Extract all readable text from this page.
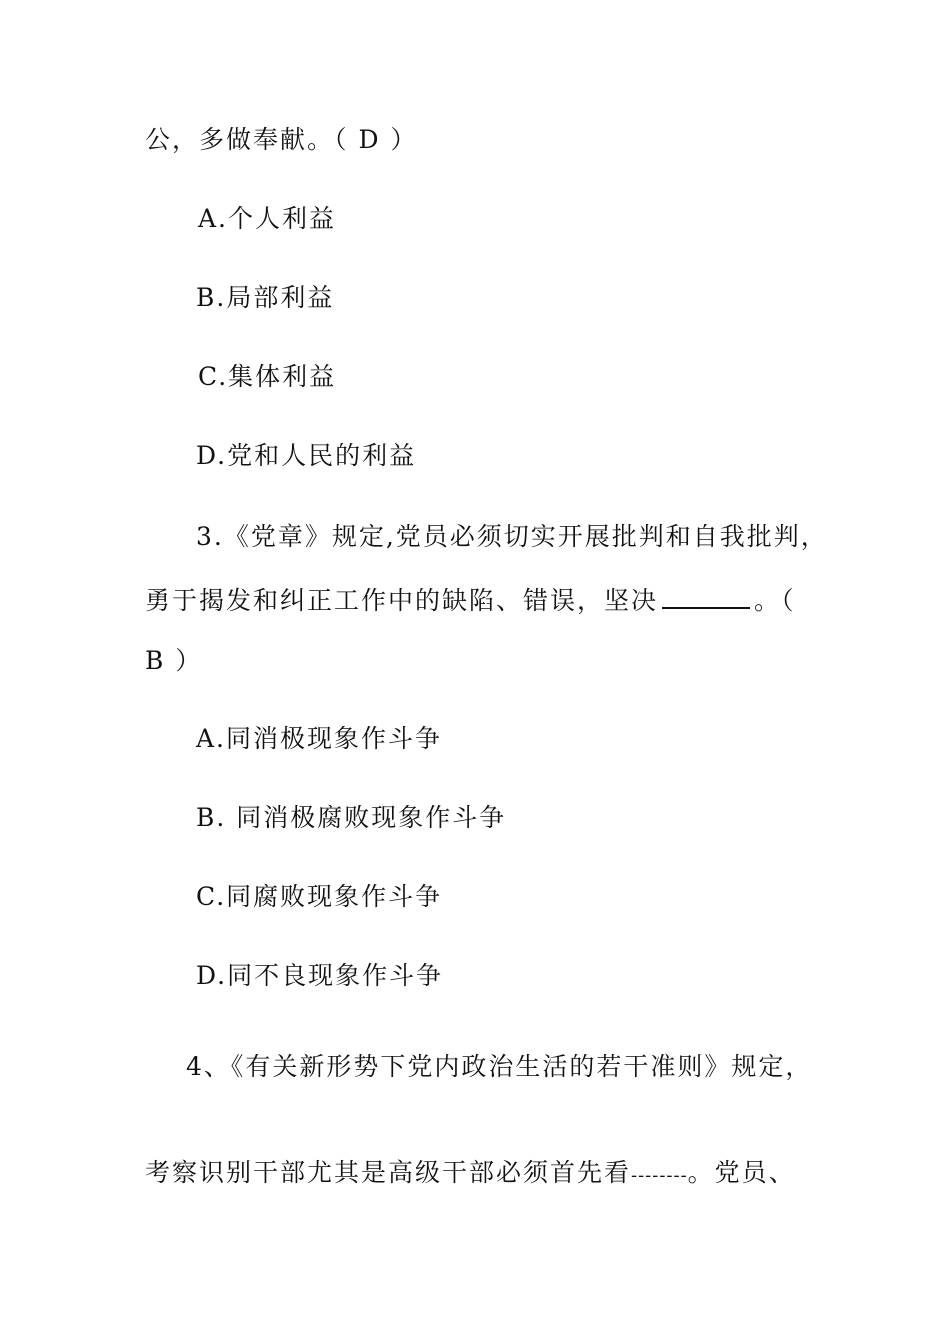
公，多做奉献。（ D ）
A.个人利益
B.局部利益
C.集体利益
D.党和人民的利益
3.《党章》规定,党员必须切实开展批判和自我批判，
勇于揭发和纠正工作中的缺陷、错误，坚决	。（
B ）
A.同消极现象作斗争
B. 同消极腐败现象作斗争
C.同腐败现象作斗争
D.同不良现象作斗争
4、《有关新形势下党内政治生活的若干准则》规定，
考察识别干部尤其是高级干部必须首先看--------。党员、
